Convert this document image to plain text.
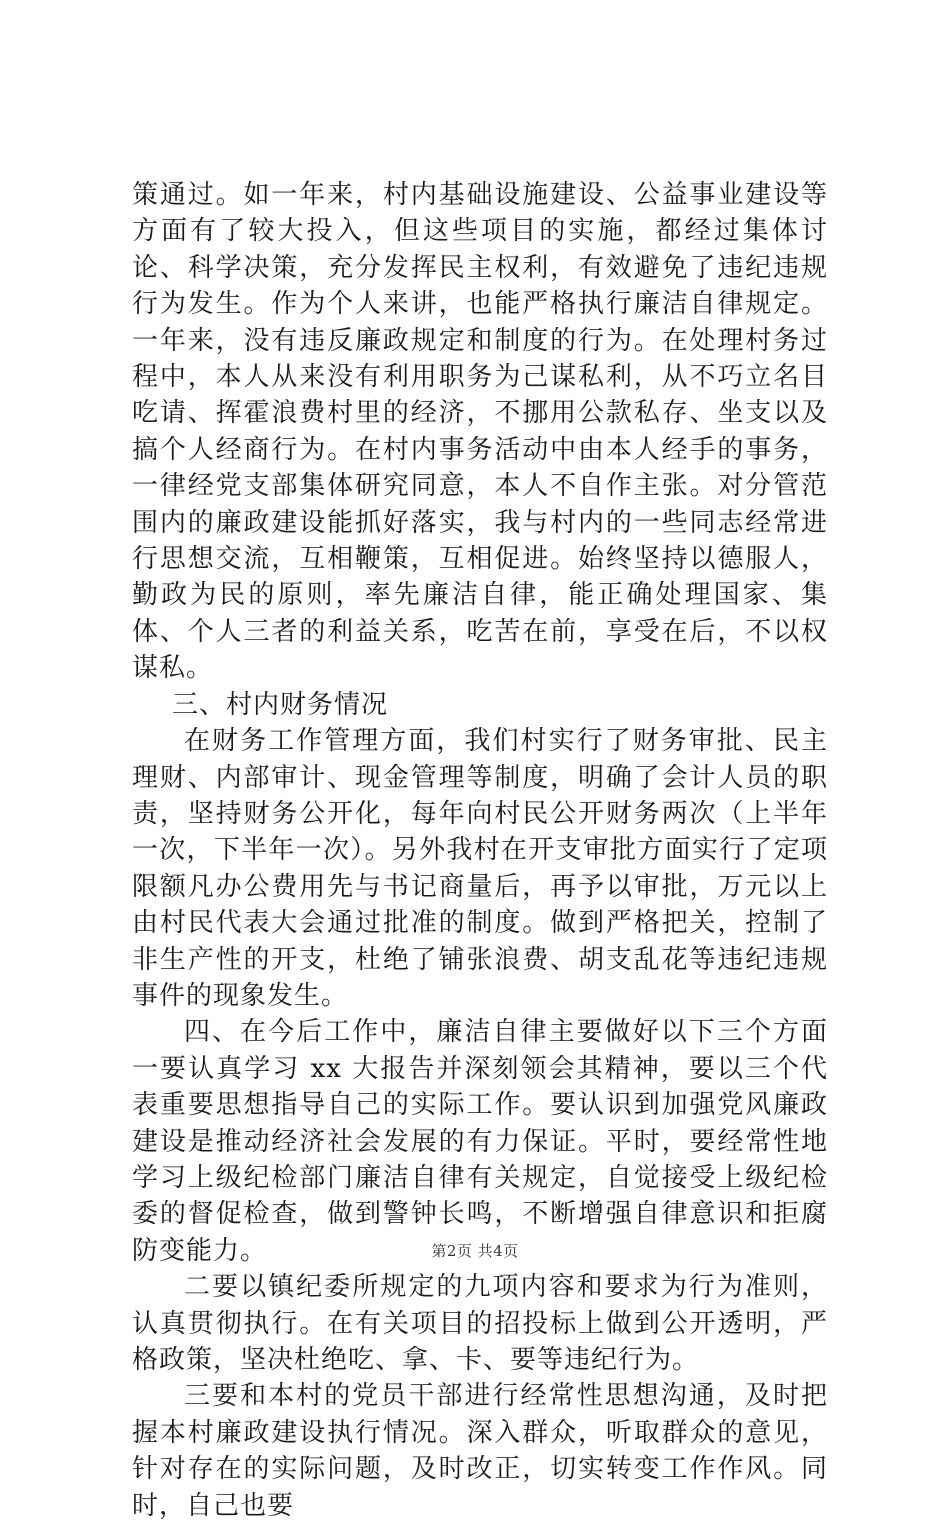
策通过。如一年来，村内基础设施建设、公益事业建设等方面有了较大投入，但这些项目的实施，都经过集体讨论、科学决策，充分发挥民主权利，有效避免了违纪违规行为发生。作为个人来讲，也能严格执行廉洁自律规定。一年来，没有违反廉政规定和制度的行为。在处理村务过程中，本人从来没有利用职务为己谋私利，从不巧立名目吃请、挥霍浪费村里的经济，不挪用公款私存、坐支以及搞个人经商行为。在村内事务活动中由本人经手的事务，一律经党支部集体研究同意，本人不自作主张。对分管范围内的廉政建设能抓好落实，我与村内的一些同志经常进行思想交流，互相鞭策，互相促进。始终坚持以德服人，勤政为民的原则，率先廉洁自律，能正确处理国家、集体、个人三者的利益关系，吃苦在前，享受在后，不以权谋私。

三、村内财务情况

在财务工作管理方面，我们村实行了财务审批、民主理财、内部审计、现金管理等制度，明确了会计人员的职责，坚持财务公开化，每年向村民公开财务两次（上半年一次，下半年一次）。另外我村在开支审批方面实行了定项限额凡办公费用先与书记商量后，再予以审批，万元以上由村民代表大会通过批准的制度。做到严格把关，控制了非生产性的开支，杜绝了铺张浪费、胡支乱花等违纪违规事件的现象发生。

四、在今后工作中，廉洁自律主要做好以下三个方面一要认真学习 xx 大报告并深刻领会其精神，要以三个代表重要思想指导自己的实际工作。要认识到加强党风廉政建设是推动经济社会发展的有力保证。平时，要经常性地学习上级纪检部门廉洁自律有关规定，自觉接受上级纪检委的督促检查，做到警钟长鸣，不断增强自律意识和拒腐防变能力。

二要以镇纪委所规定的九项内容和要求为行为准则，认真贯彻执行。在有关项目的招投标上做到公开透明，严格政策，坚决杜绝吃、拿、卡、要等违纪行为。

三要和本村的党员干部进行经常性思想沟通，及时把握本村廉政建设执行情况。深入群众，听取群众的意见，针对存在的实际问题，及时改正，切实转变工作作风。同时，自己也要

第2页 共4页
